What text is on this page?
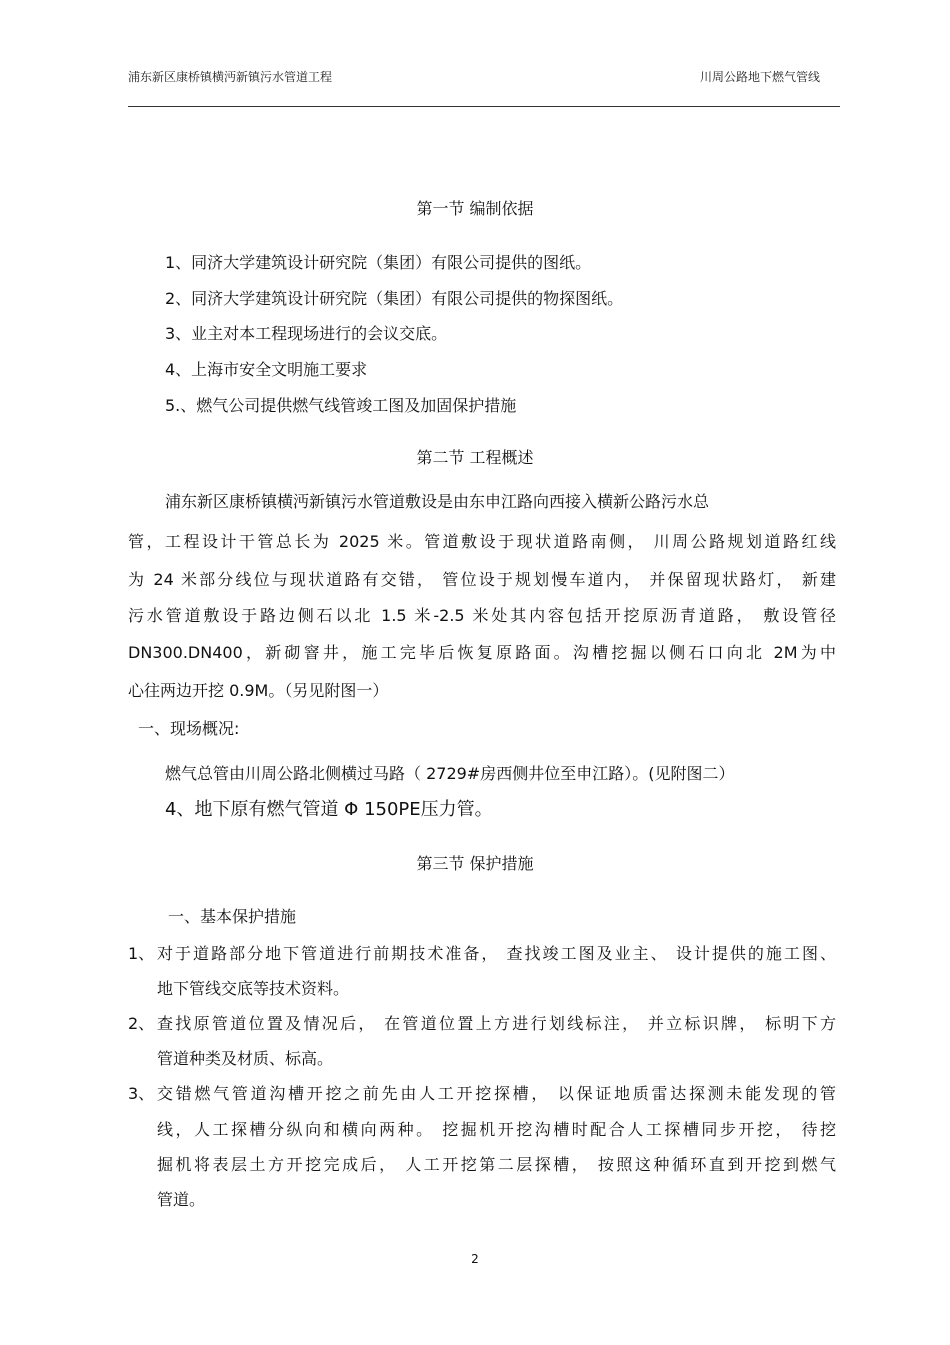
浦东新区康桥镇横沔新镇污水管道工程	川周公路地下燃气管线
第一节 编制依据
1、同济大学建筑设计研究院（集团）有限公司提供的图纸。
2、同济大学建筑设计研究院（集团）有限公司提供的物探图纸。
3、业主对本工程现场进行的会议交底。
4、上海市安全文明施工要求
5.、燃气公司提供燃气线管竣工图及加固保护措施
第二节 工程概述
浦东新区康桥镇横沔新镇污水管道敷设是由东申江路向西接入横新公路污水总
管，工程设计干管总长为 2025 米。管道敷设于现状道路南侧， 川周公路规划道路红线
为 24 米部分线位与现状道路有交错， 管位设于规划慢车道内， 并保留现状路灯， 新建
污水管道敷设于路边侧石以北 1.5 米-2.5 米处其内容包括开挖原沥青道路， 敷设管径
DN300.DN400，新砌窨井，施工完毕后恢复原路面。沟槽挖掘以侧石口向北 2M为中
心往两边开挖 0.9M。（另见附图一）
一、现场概况:
燃气总管由川周公路北侧横过马路（ 2729#房西侧井位至申江路）。(见附图二）
4、地下原有燃气管道 Φ 150PE压力管。
第三节 保护措施
一、基本保护措施
1、 对于道路部分地下管道进行前期技术准备， 查找竣工图及业主、 设计提供的施工图、
地下管线交底等技术资料。
2、 查找原管道位置及情况后， 在管道位置上方进行划线标注， 并立标识牌， 标明下方
管道种类及材质、标高。
3、 交错燃气管道沟槽开挖之前先由人工开挖探槽， 以保证地质雷达探测未能发现的管
线，人工探槽分纵向和横向两种。 挖掘机开挖沟槽时配合人工探槽同步开挖， 待挖
掘机将表层土方开挖完成后， 人工开挖第二层探槽， 按照这种循环直到开挖到燃气
管道。
2
